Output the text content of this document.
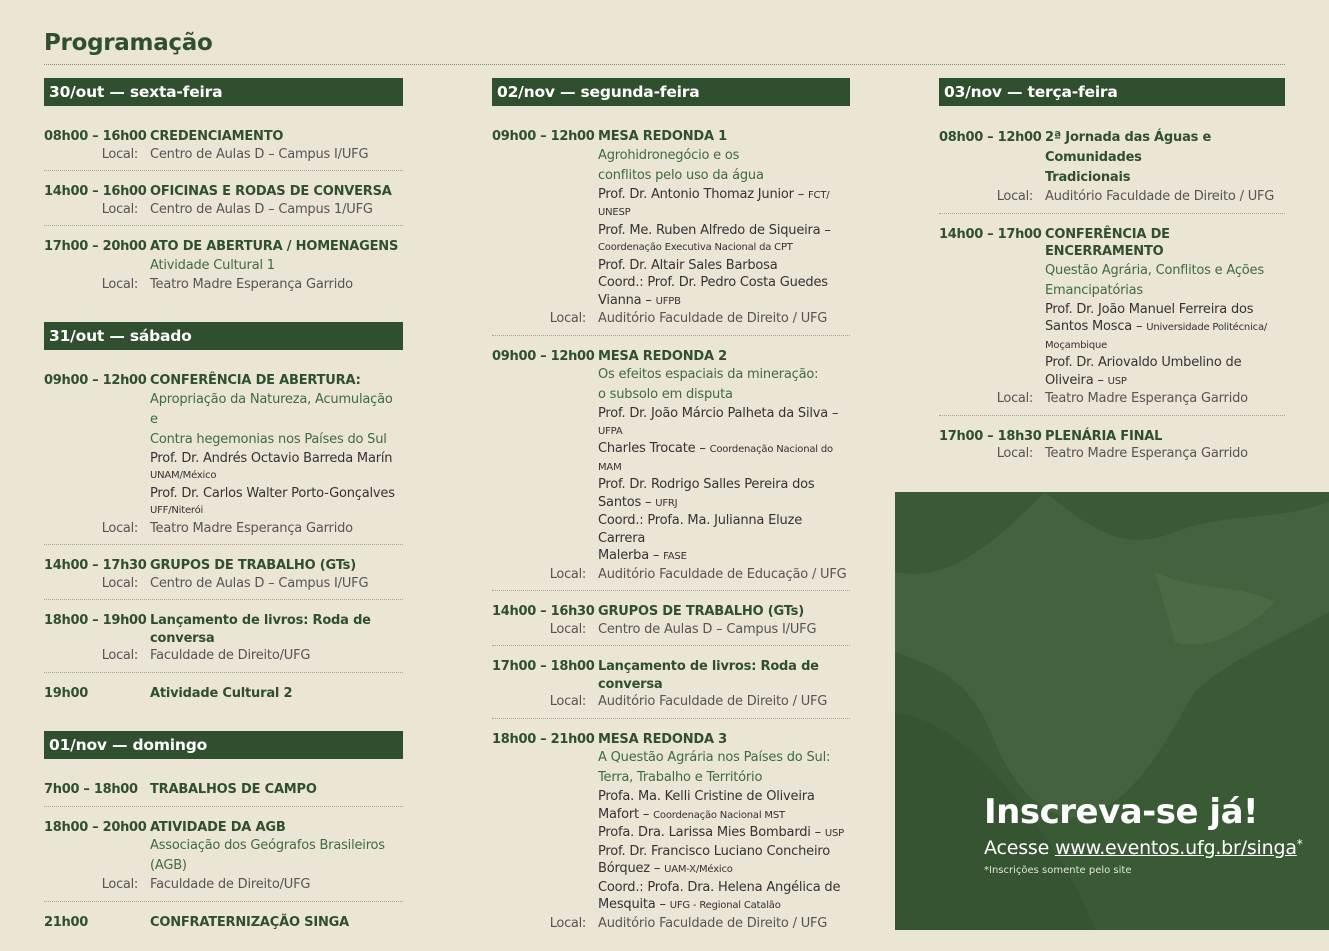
Programação
30/out — sexta-feira
08h00 – 16h00 CREDENCIAMENTO
Local: Centro de Aulas D – Campus I/UFG
14h00 – 16h00 OFICINAS E RODAS DE CONVERSA
Local: Centro de Aulas D – Campus 1/UFG
17h00 – 20h00 ATO DE ABERTURA / HOMENAGENS
Atividade Cultural 1
Local: Teatro Madre Esperança Garrido
31/out — sábado
09h00 – 12h00 CONFERÊNCIA DE ABERTURA:
Apropriação da Natureza, Acumulação e
Contra hegemonias nos Países do Sul
Prof. Dr. Andrés Octavio Barreda Marín
UNAM/México
Prof. Dr. Carlos Walter Porto-Gonçalves
UFF/Niterói
Local: Teatro Madre Esperança Garrido
14h00 – 17h30 GRUPOS DE TRABALHO (GTs)
Local: Centro de Aulas D – Campus I/UFG
18h00 – 19h00 Lançamento de livros: Roda de conversa
Local: Faculdade de Direito/UFG
19h00	Atividade Cultural 2
01/nov — domingo
7h00 – 18h00 TRABALHOS DE CAMPO
18h00 – 20h00 ATIVIDADE DA AGB
Associação dos Geógrafos Brasileiros (AGB)
Local: Faculdade de Direito/UFG
21h00	CONFRATERNIZAÇÃO SINGA
02/nov — segunda-feira
09h00 – 12h00 MESA REDONDA 1
Agrohidronegócio e os
conflitos pelo uso da água
Prof. Dr. Antonio Thomaz Junior – FCT/
UNESP
Prof. Me. Ruben Alfredo de Siqueira –
Coordenação Executiva Nacional da CPT
Prof. Dr. Altair Sales Barbosa
Coord.: Prof. Dr. Pedro Costa Guedes
Vianna – UFPB
Local: Auditório Faculdade de Direito / UFG
09h00 – 12h00 MESA REDONDA 2
Os efeitos espaciais da mineração:
o subsolo em disputa
Prof. Dr. João Márcio Palheta da Silva –
UFPA
Charles Trocate – Coordenação Nacional do
MAM
Prof. Dr. Rodrigo Salles Pereira dos
Santos – UFRJ
Coord.: Profa. Ma. Julianna Eluze Carrera
Malerba – FASE
Local: Auditório Faculdade de Educação / UFG
14h00 – 16h30 GRUPOS DE TRABALHO (GTs)
Local: Centro de Aulas D – Campus I/UFG
17h00 – 18h00 Lançamento de livros: Roda de conversa
Local: Auditório Faculdade de Direito / UFG
18h00 – 21h00 MESA REDONDA 3
A Questão Agrária nos Países do Sul:
Terra, Trabalho e Território
Profa. Ma. Kelli Cristine de Oliveira
Mafort – Coordenação Nacional MST
Profa. Dra. Larissa Mies Bombardi – USP
Prof. Dr. Francisco Luciano Concheiro
Bórquez – UAM-X/México
Coord.: Profa. Dra. Helena Angélica de
Mesquita – UFG - Regional Catalão
Local: Auditório Faculdade de Direito / UFG
03/nov — terça-feira
08h00 – 12h00 2ª Jornada das Águas e Comunidades
Tradicionais
Local: Auditório Faculdade de Direito / UFG
14h00 – 17h00 CONFERÊNCIA DE ENCERRAMENTO
Questão Agrária, Conflitos e Ações
Emancipatórias
Prof. Dr. João Manuel Ferreira dos
Santos Mosca – Universidade Politécnica/
Moçambique
Prof. Dr. Ariovaldo Umbelino de
Oliveira – USP
Local: Teatro Madre Esperança Garrido
17h00 – 18h30 PLENÁRIA FINAL
Local: Teatro Madre Esperança Garrido
Inscreva-se já!
Acesse www.eventos.ufg.br/singa*
*Inscrições somente pelo site
